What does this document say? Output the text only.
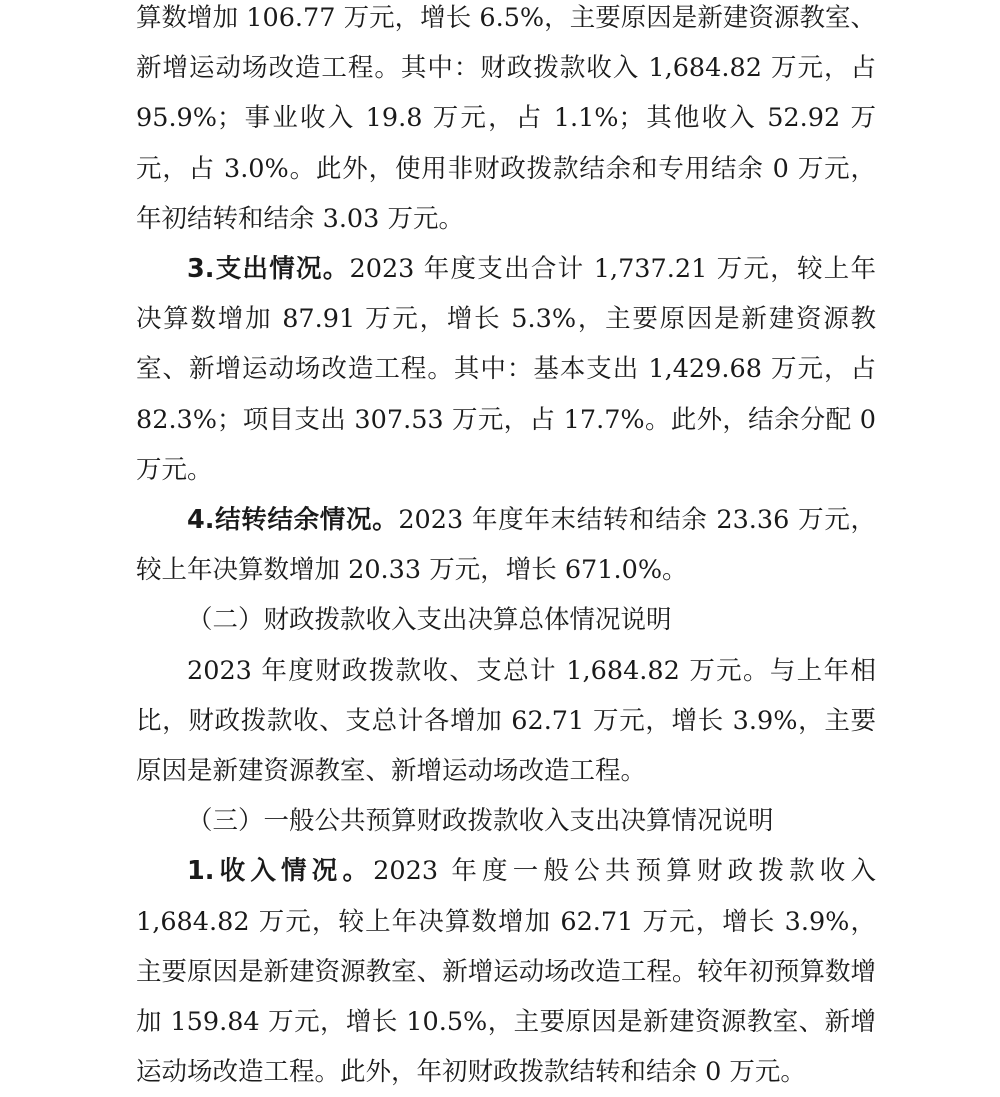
算数增加 106.77 万元，增长 6.5%，主要原因是新建资源教室、新增运动场改造工程。其中：财政拨款收入 1,684.82 万元，占 95.9%；事业收入 19.8 万元，占 1.1%；其他收入 52.92 万元，占 3.0%。此外，使用非财政拨款结余和专用结余 0 万元，年初结转和结余 3.03 万元。

3.支出情况。2023 年度支出合计 1,737.21 万元，较上年决算数增加 87.91 万元，增长 5.3%，主要原因是新建资源教室、新增运动场改造工程。其中：基本支出 1,429.68 万元，占 82.3%；项目支出 307.53 万元，占 17.7%。此外，结余分配 0 万元。

4.结转结余情况。2023 年度年末结转和结余 23.36 万元，较上年决算数增加 20.33 万元，增长 671.0%。

（二）财政拨款收入支出决算总体情况说明

2023 年度财政拨款收、支总计 1,684.82 万元。与上年相比，财政拨款收、支总计各增加 62.71 万元，增长 3.9%，主要原因是新建资源教室、新增运动场改造工程。

（三）一般公共预算财政拨款收入支出决算情况说明

1.收入情况。2023 年度一般公共预算财政拨款收入 1,684.82 万元，较上年决算数增加 62.71 万元，增长 3.9%，主要原因是新建资源教室、新增运动场改造工程。较年初预算数增加 159.84 万元，增长 10.5%，主要原因是新建资源教室、新增运动场改造工程。此外，年初财政拨款结转和结余 0 万元。
